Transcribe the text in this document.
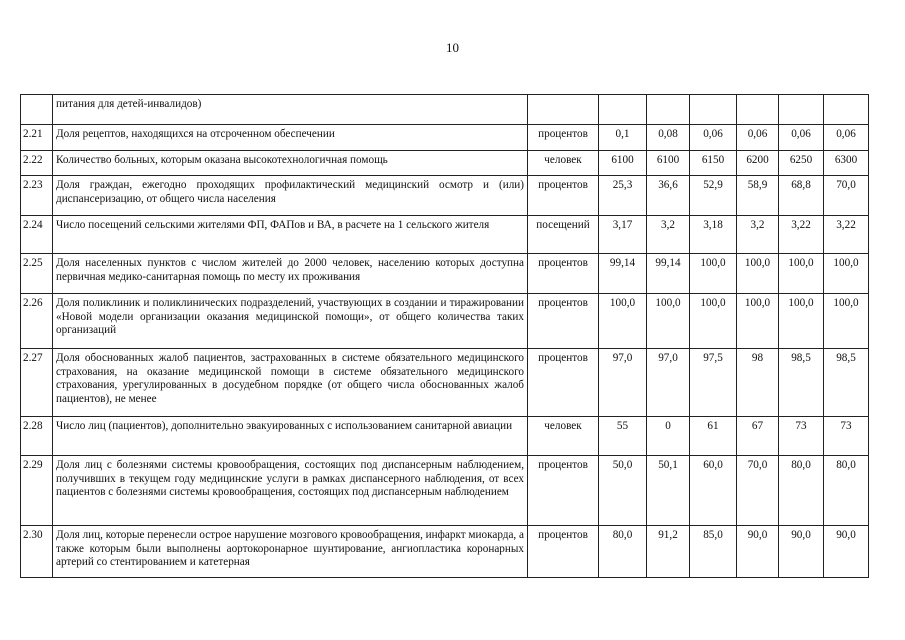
10
	питания для детей-инвалидов)							
2.21	Доля рецептов, находящихся на отсроченном обеспечении	процентов	0,1	0,08	0,06	0,06	0,06	0,06
2.22	Количество больных, которым оказана высокотехнологичная помощь	человек	6100	6100	6150	6200	6250	6300
2.23	Доля граждан, ежегодно проходящих профилактический медицинский осмотр и (или) диспансеризацию, от общего числа населения	процентов	25,3	36,6	52,9	58,9	68,8	70,0
2.24	Число посещений сельскими жителями ФП, ФАПов и ВА, в расчете на 1 сельского жителя	посещений	3,17	3,2	3,18	3,2	3,22	3,22
2.25	Доля населенных пунктов с числом жителей до 2000 человек, населению которых доступна первичная медико-санитарная помощь по месту их проживания	процентов	99,14	99,14	100,0	100,0	100,0	100,0
2.26	Доля поликлиник и поликлинических подразделений, участвующих в создании и тиражировании «Новой модели организации оказания медицинской помощи», от общего количества таких организаций	процентов	100,0	100,0	100,0	100,0	100,0	100,0
2.27	Доля обоснованных жалоб пациентов, застрахованных в системе обязательного медицинского страхования, на оказание медицинской помощи в системе обязательного медицинского страхования, урегулированных в досудебном порядке (от общего числа обоснованных жалоб пациентов), не менее	процентов	97,0	97,0	97,5	98	98,5	98,5
2.28	Число лиц (пациентов), дополнительно эвакуированных с использованием санитарной авиации	человек	55	0	61	67	73	73
2.29	Доля лиц с болезнями системы кровообращения, состоящих под диспансерным наблюдением, получивших в текущем году медицинские услуги в рамках диспансерного наблюдения, от всех пациентов с болезнями системы кровообращения, состоящих под диспансерным наблюдением	процентов	50,0	50,1	60,0	70,0	80,0	80,0
2.30	Доля лиц, которые перенесли острое нарушение мозгового кровообращения, инфаркт миокарда, а также которым были выполнены аортокоронарное шунтирование, ангиопластика коронарных артерий со стентированием и катетерная	процентов	80,0	91,2	85,0	90,0	90,0	90,0
